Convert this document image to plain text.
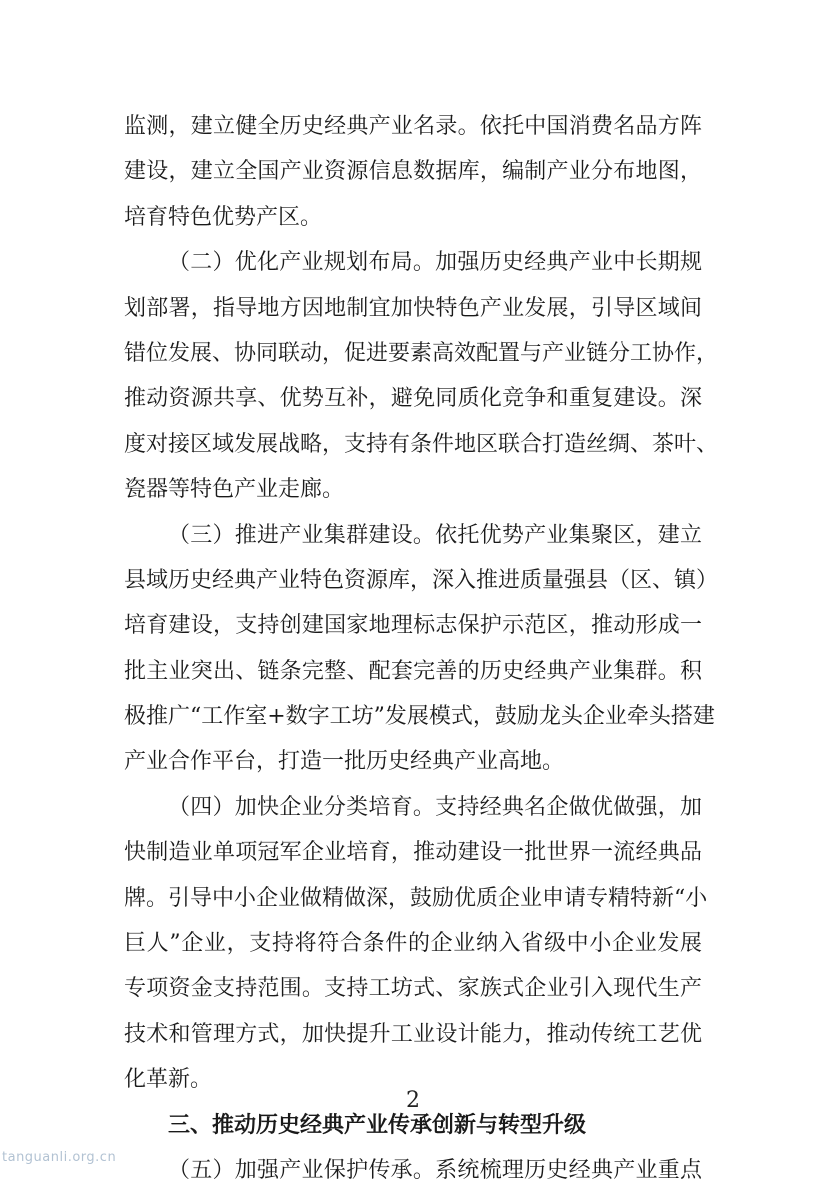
监测，建立健全历史经典产业名录。依托中国消费名品方阵
建设，建立全国产业资源信息数据库，编制产业分布地图，
培育特色优势产区。
（二）优化产业规划布局。加强历史经典产业中长期规
划部署，指导地方因地制宜加快特色产业发展，引导区域间
错位发展、协同联动，促进要素高效配置与产业链分工协作，
推动资源共享、优势互补，避免同质化竞争和重复建设。深
度对接区域发展战略，支持有条件地区联合打造丝绸、茶叶、
瓷器等特色产业走廊。
（三）推进产业集群建设。依托优势产业集聚区，建立
县域历史经典产业特色资源库，深入推进质量强县（区、镇）
培育建设，支持创建国家地理标志保护示范区，推动形成一
批主业突出、链条完整、配套完善的历史经典产业集群。积
极推广“工作室+数字工坊”发展模式，鼓励龙头企业牵头搭建
产业合作平台，打造一批历史经典产业高地。
（四）加快企业分类培育。支持经典名企做优做强，加
快制造业单项冠军企业培育，推动建设一批世界一流经典品
牌。引导中小企业做精做深，鼓励优质企业申请专精特新“小
巨人”企业，支持将符合条件的企业纳入省级中小企业发展
专项资金支持范围。支持工坊式、家族式企业引入现代生产
技术和管理方式，加快提升工业设计能力，推动传统工艺优
化革新。
三、推动历史经典产业传承创新与转型升级
（五）加强产业保护传承。系统梳理历史经典产业重点
2
tanguanli.org.cn
